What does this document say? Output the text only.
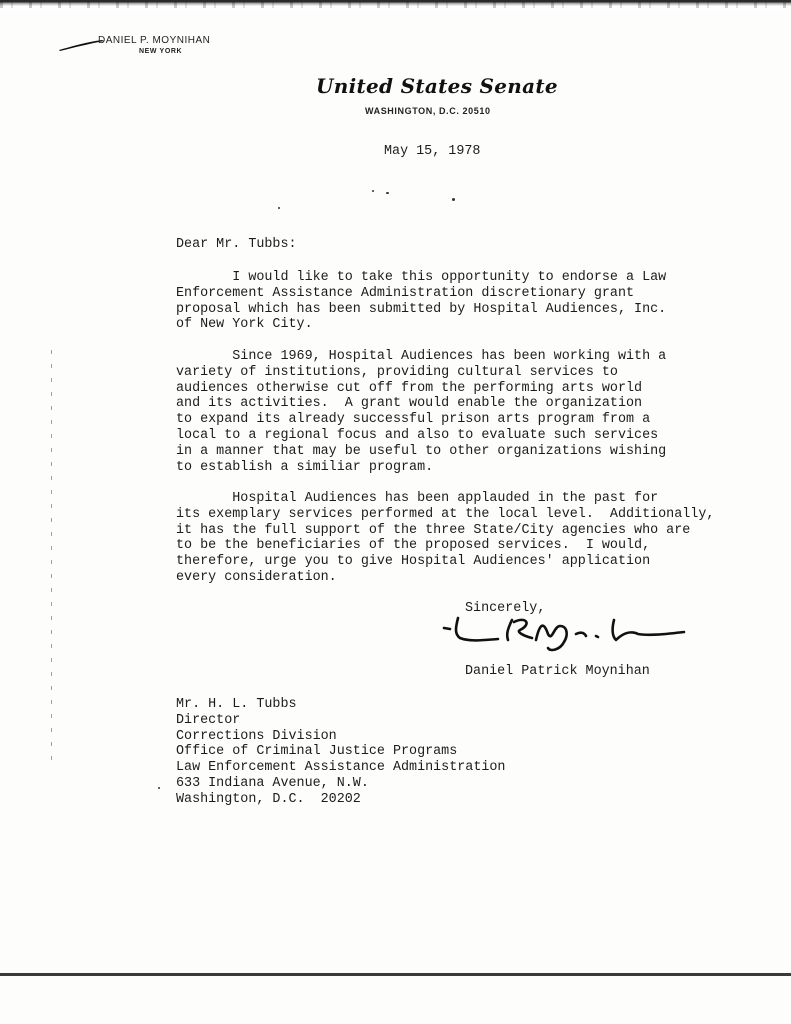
DANIEL P. MOYNIHAN
NEW YORK
United States Senate
WASHINGTON, D.C. 20510
May 15, 1978
Dear Mr. Tubbs:

I would like to take this opportunity to endorse a Law
Enforcement Assistance Administration discretionary grant
proposal which has been submitted by Hospital Audiences, Inc.
of New York City.

Since 1969, Hospital Audiences has been working with a
variety of institutions, providing cultural services to
audiences otherwise cut off from the performing arts world
and its activities.  A grant would enable the organization
to expand its already successful prison arts program from a
local to a regional focus and also to evaluate such services
in a manner that may be useful to other organizations wishing
to establish a similiar program.

Hospital Audiences has been applauded in the past for
its exemplary services performed at the local level.  Additionally,
it has the full support of the three State/City agencies who are
to be the beneficiaries of the proposed services.  I would,
therefore, urge you to give Hospital Audiences' application
every consideration.

Sincerely,
Daniel Patrick Moynihan

Mr. H. L. Tubbs
Director
Corrections Division
Office of Criminal Justice Programs
Law Enforcement Assistance Administration
633 Indiana Avenue, N.W.
Washington, D.C.  20202
